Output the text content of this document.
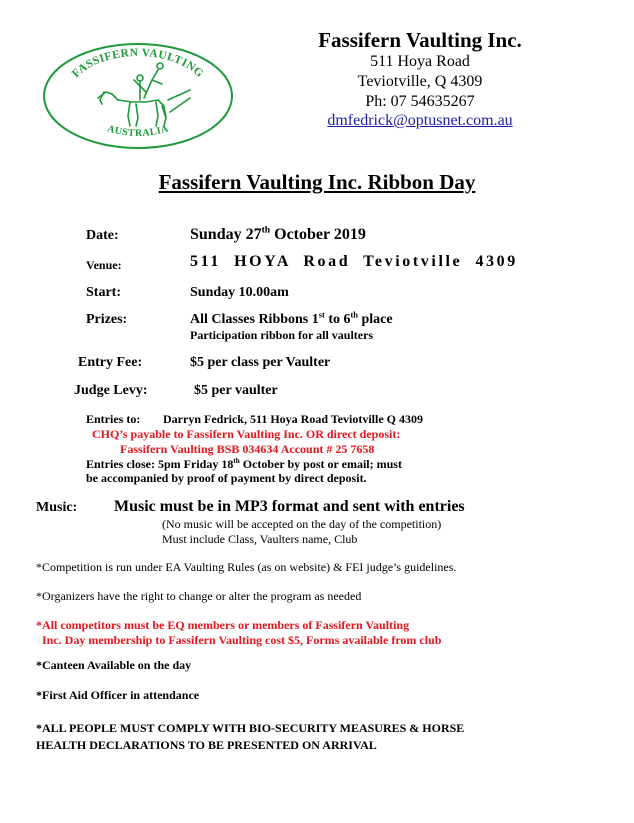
FASSIFERN VAULTING
AUSTRALIA
Fassifern Vaulting Inc.
511 Hoya Road
Teviotville, Q 4309
Ph: 07 54635267
dmfedrick@optusnet.com.au
Fassifern Vaulting Inc. Ribbon Day
Date:	Sunday 27th October 2019
Venue:	511  HOYA  Road  Teviotville  4309
Start:	Sunday 10.00am
Prizes:	All Classes Ribbons 1st to 6th place
Participation ribbon for all vaulters
Entry Fee:	$5 per class per Vaulter
Judge Levy:	$5 per vaulter
Entries to: Darryn Fedrick, 511 Hoya Road Teviotville Q 4309
CHQ’s payable to Fassifern Vaulting Inc. OR direct deposit:
Fassifern Vaulting BSB 034634 Account # 25 7658
Entries close: 5pm Friday 18th October by post or email; must
be accompanied by proof of payment by direct deposit.
Music: Music must be in MP3 format and sent with entries
(No music will be accepted on the day of the competition)
Must include Class, Vaulters name, Club
*Competition is run under EA Vaulting Rules (as on website) & FEI judge’s guidelines.
*Organizers have the right to change or alter the program as needed
*All competitors must be EQ members or members of Fassifern Vaulting
Inc. Day membership to Fassifern Vaulting cost $5, Forms available from club
*Canteen Available on the day
*First Aid Officer in attendance
*ALL PEOPLE MUST COMPLY WITH BIO-SECURITY MEASURES & HORSE
HEALTH DECLARATIONS TO BE PRESENTED ON ARRIVAL
